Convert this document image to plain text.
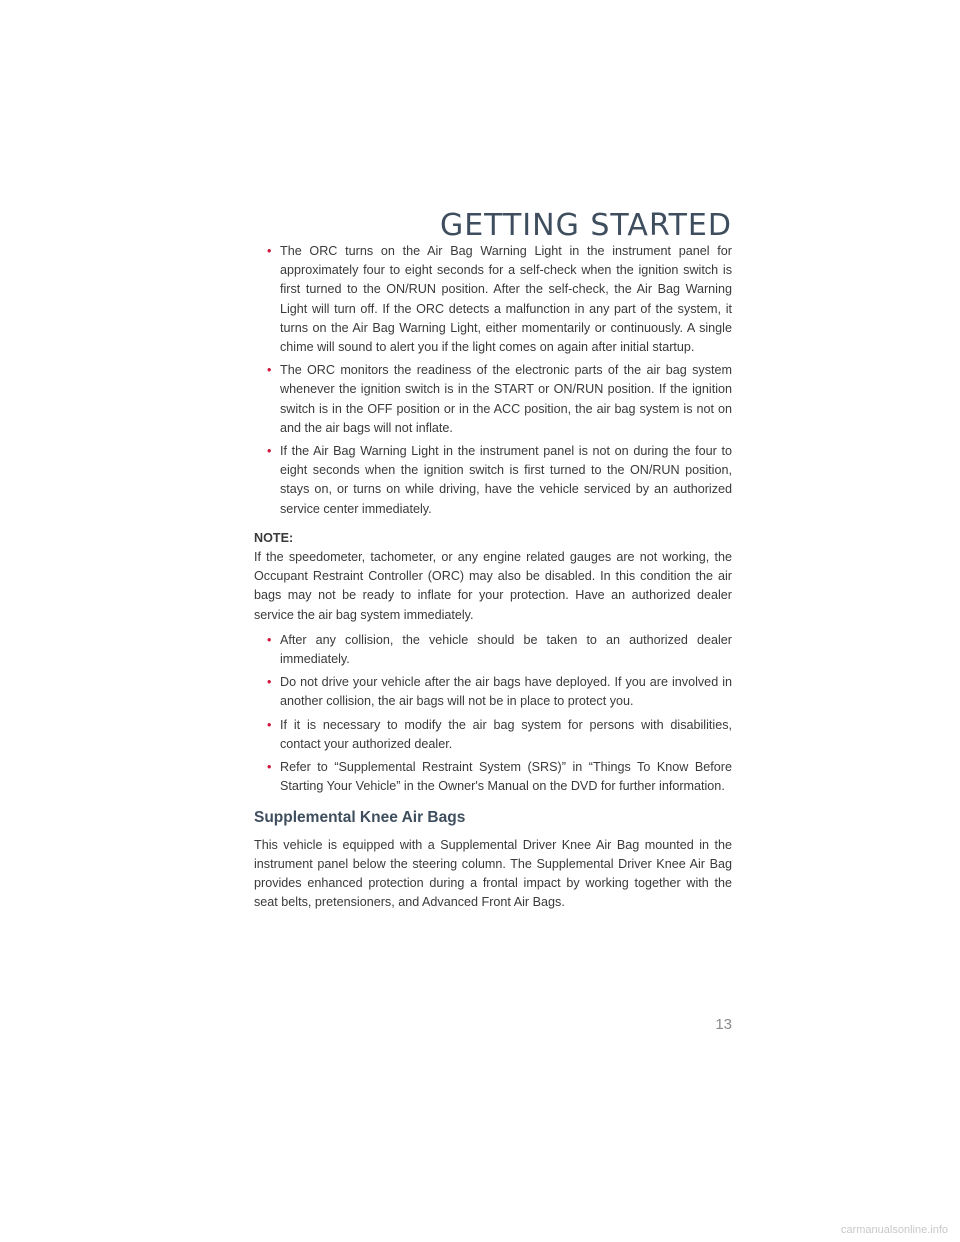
GETTING STARTED
• The ORC turns on the Air Bag Warning Light in the instrument panel for approximately four to eight seconds for a self-check when the ignition switch is first turned to the ON/RUN position. After the self-check, the Air Bag Warning Light will turn off. If the ORC detects a malfunction in any part of the system, it turns on the Air Bag Warning Light, either momentarily or continuously. A single chime will sound to alert you if the light comes on again after initial startup.
• The ORC monitors the readiness of the electronic parts of the air bag system whenever the ignition switch is in the START or ON/RUN position. If the ignition switch is in the OFF position or in the ACC position, the air bag system is not on and the air bags will not inflate.
• If the Air Bag Warning Light in the instrument panel is not on during the four to eight seconds when the ignition switch is first turned to the ON/RUN position, stays on, or turns on while driving, have the vehicle serviced by an authorized service center immediately.
NOTE:

If the speedometer, tachometer, or any engine related gauges are not working, the Occupant Restraint Controller (ORC) may also be disabled. In this condition the air bags may not be ready to inflate for your protection. Have an authorized dealer service the air bag system immediately.

• After any collision, the vehicle should be taken to an authorized dealer immediately.
• Do not drive your vehicle after the air bags have deployed. If you are involved in another collision, the air bags will not be in place to protect you.
• If it is necessary to modify the air bag system for persons with disabilities, contact your authorized dealer.
• Refer to “Supplemental Restraint System (SRS)” in “Things To Know Before Starting Your Vehicle” in the Owner's Manual on the DVD for further information.
Supplemental Knee Air Bags

This vehicle is equipped with a Supplemental Driver Knee Air Bag mounted in the instrument panel below the steering column. The Supplemental Driver Knee Air Bag provides enhanced protection during a frontal impact by working together with the seat belts, pretensioners, and Advanced Front Air Bags.

13
carmanualsonline.info
